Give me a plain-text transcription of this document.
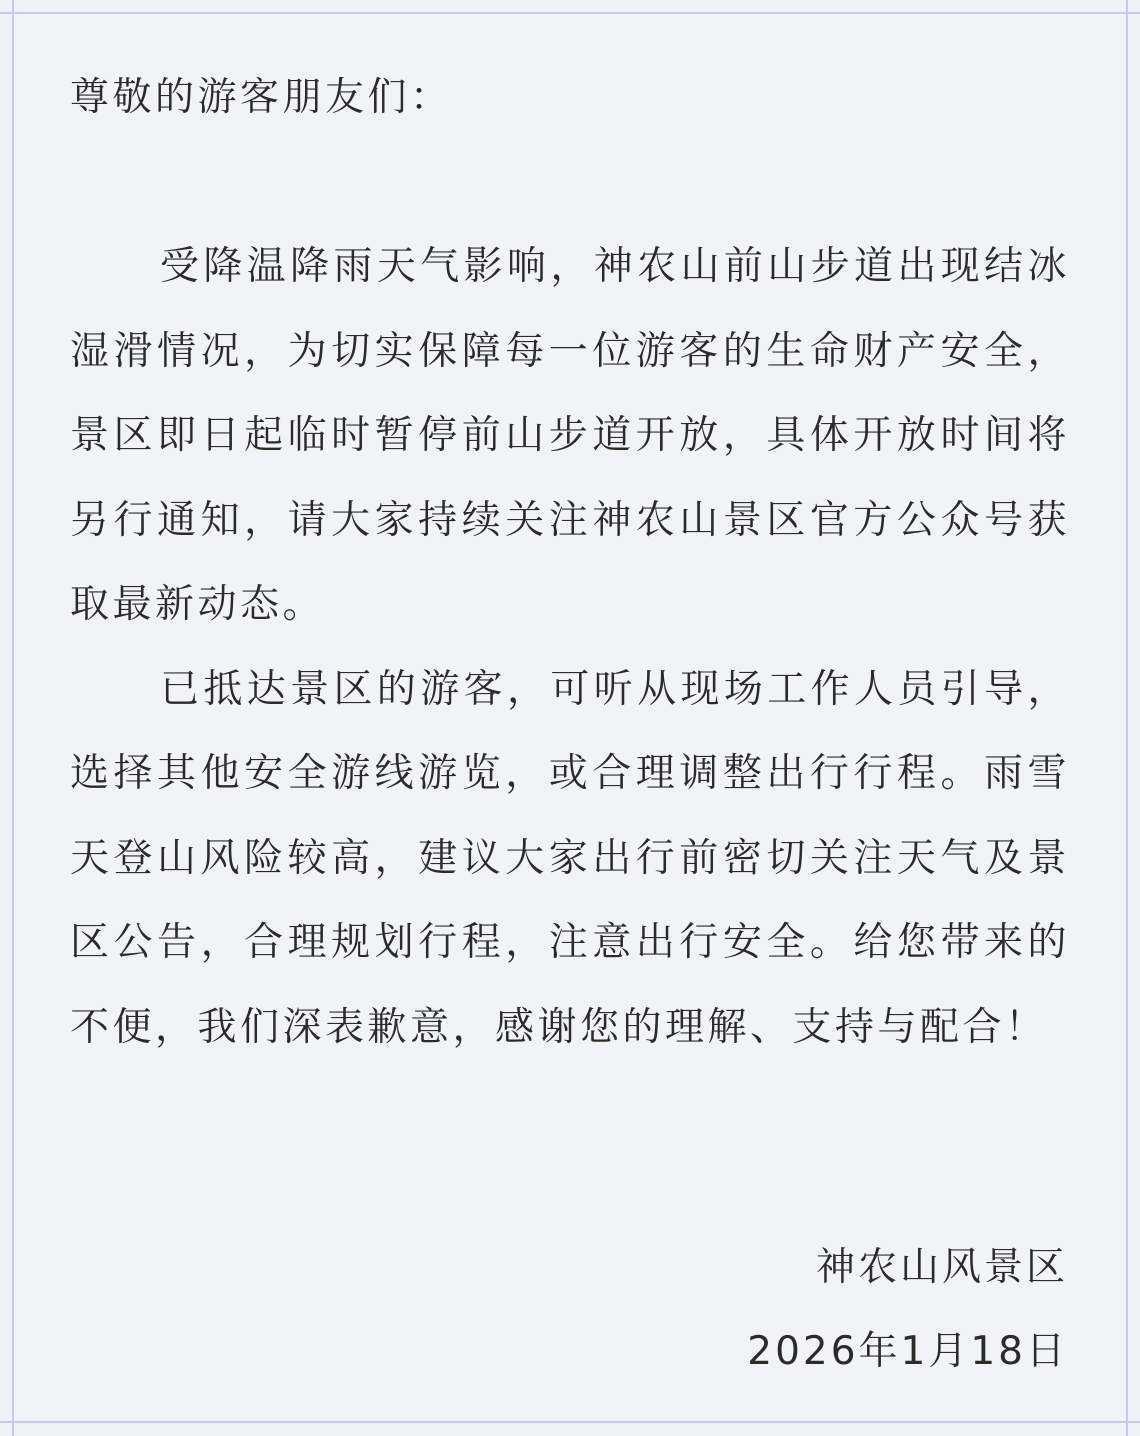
尊敬的游客朋友们：

受降温降雨天气影响，神农山前山步道出现结冰湿滑情况，为切实保障每一位游客的生命财产安全，景区即日起临时暂停前山步道开放，具体开放时间将另行通知，请大家持续关注神农山景区官方公众号获取最新动态。

已抵达景区的游客，可听从现场工作人员引导，选择其他安全游线游览，或合理调整出行行程。雨雪天登山风险较高，建议大家出行前密切关注天气及景区公告，合理规划行程，注意出行安全。给您带来的不便，我们深表歉意，感谢您的理解、支持与配合！

神农山风景区

2026年1月18日
